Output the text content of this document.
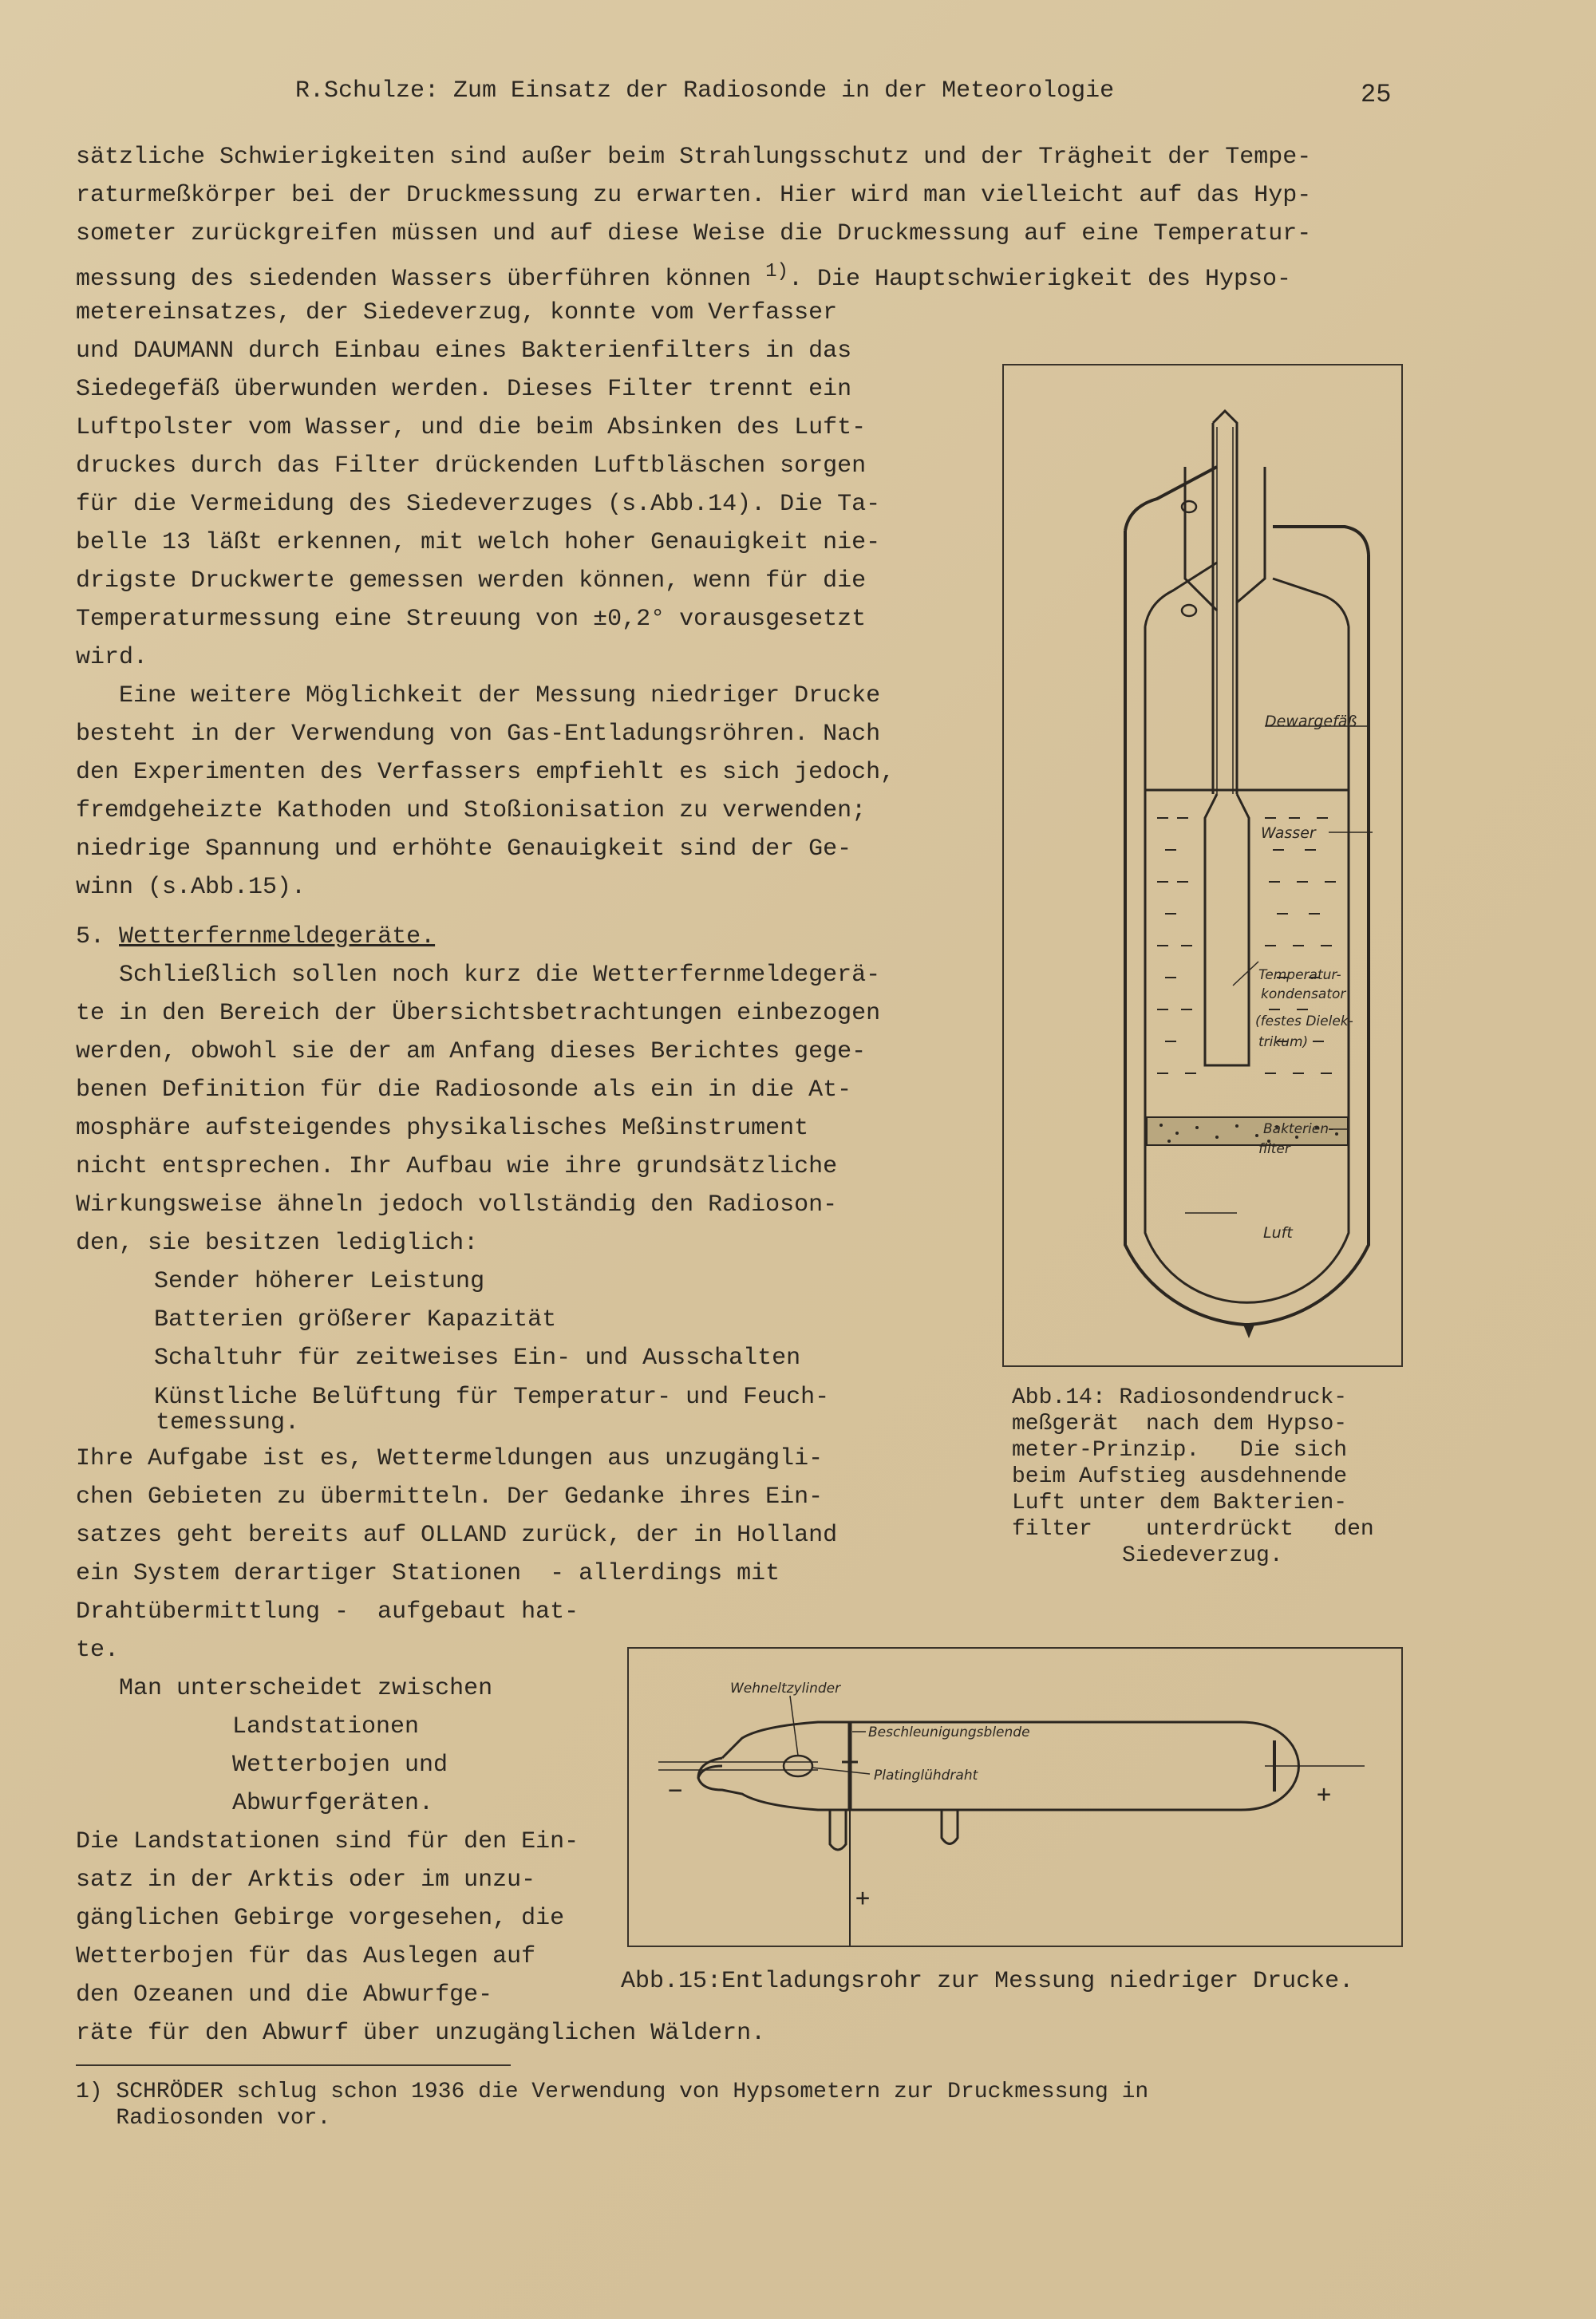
R.Schulze: Zum Einsatz der Radiosonde in der Meteorologie	25
sätzliche Schwierigkeiten sind außer beim Strahlungsschutz und der Trägheit der Tempe-
raturmeßkörper bei der Druckmessung zu erwarten. Hier wird man vielleicht auf das Hyp-
someter zurückgreifen müssen und auf diese Weise die Druckmessung auf eine Temperatur-
messung des siedenden Wassers überführen können $^{1)}$. Die Hauptschwierigkeit des Hypso-
metereinsatzes, der Siedeverzug, konnte vom Verfasser
und DAUMANN durch Einbau eines Bakterienfilters in das
Siedegefäß überwunden werden. Dieses Filter trennt ein
Luftpolster vom Wasser, und die beim Absinken des Luft-
druckes durch das Filter drückenden Luftbläschen sorgen
für die Vermeidung des Siedeverzuges (s.Abb.14). Die Ta-
belle 13 läßt erkennen, mit welch hoher Genauigkeit nie-
drigste Druckwerte gemessen werden können, wenn für die
Temperaturmessung eine Streuung von ±0,2° vorausgesetzt
wird.
Eine weitere Möglichkeit der Messung niedriger Drucke
besteht in der Verwendung von Gas-Entladungsröhren. Nach
den Experimenten des Verfassers empfiehlt es sich jedoch,
fremdgeheizte Kathoden und Stoßionisation zu verwenden;
niedrige Spannung und erhöhte Genauigkeit sind der Ge-
winn (s.Abb.15).
5. Wetterfernmeldegeräte.
Schließlich sollen noch kurz die Wetterfernmeldegerä-
te in den Bereich der Übersichtsbetrachtungen einbezogen
werden, obwohl sie der am Anfang dieses Berichtes gege-
benen Definition für die Radiosonde als ein in die At-
mosphäre aufsteigendes physikalisches Meßinstrument
nicht entsprechen. Ihr Aufbau wie ihre grundsätzliche
Wirkungsweise ähneln jedoch vollständig den Radioson-
den, sie besitzen lediglich:
Sender höherer Leistung
Batterien größerer Kapazität
Schaltuhr für zeitweises Ein- und Ausschalten
Künstliche Belüftung für Temperatur- und Feuch-
temessung.
Ihre Aufgabe ist es, Wettermeldungen aus unzugängli-
chen Gebieten zu übermitteln. Der Gedanke ihres Ein-
satzes geht bereits auf OLLAND zurück, der in Holland
ein System derartiger Stationen  - allerdings mit
Drahtübermittlung -  aufgebaut hat-
te.
Man unterscheidet zwischen
Landstationen
Wetterbojen und
Abwurfgeräten.
Die Landstationen sind für den Ein-
satz in der Arktis oder im unzu-
gänglichen Gebirge vorgesehen, die
Wetterbojen für das Auslegen auf
den Ozeanen und die Abwurfge-
räte für den Abwurf über unzugänglichen Wäldern.
Dewargefäß
Wasser
Temperatur-
kondensator
(festes Dielek-
trikum)
Bakterien-
filter
Luft
Abb.14: Radiosondendruck-
meßgerät  nach dem Hypso-
meter-Prinzip.   Die sich
beim Aufstieg ausdehnende
Luft unter dem Bakterien-
filter    unterdrückt   den
Siedeverzug.
Wehneltzylinder
Beschleunigungsblende
Platinglühdraht
−	+
+
Abb.15:Entladungsrohr zur Messung niedriger Drucke.
1) SCHRÖDER schlug schon 1936 die Verwendung von Hypsometern zur Druckmessung in
Radiosonden vor.
